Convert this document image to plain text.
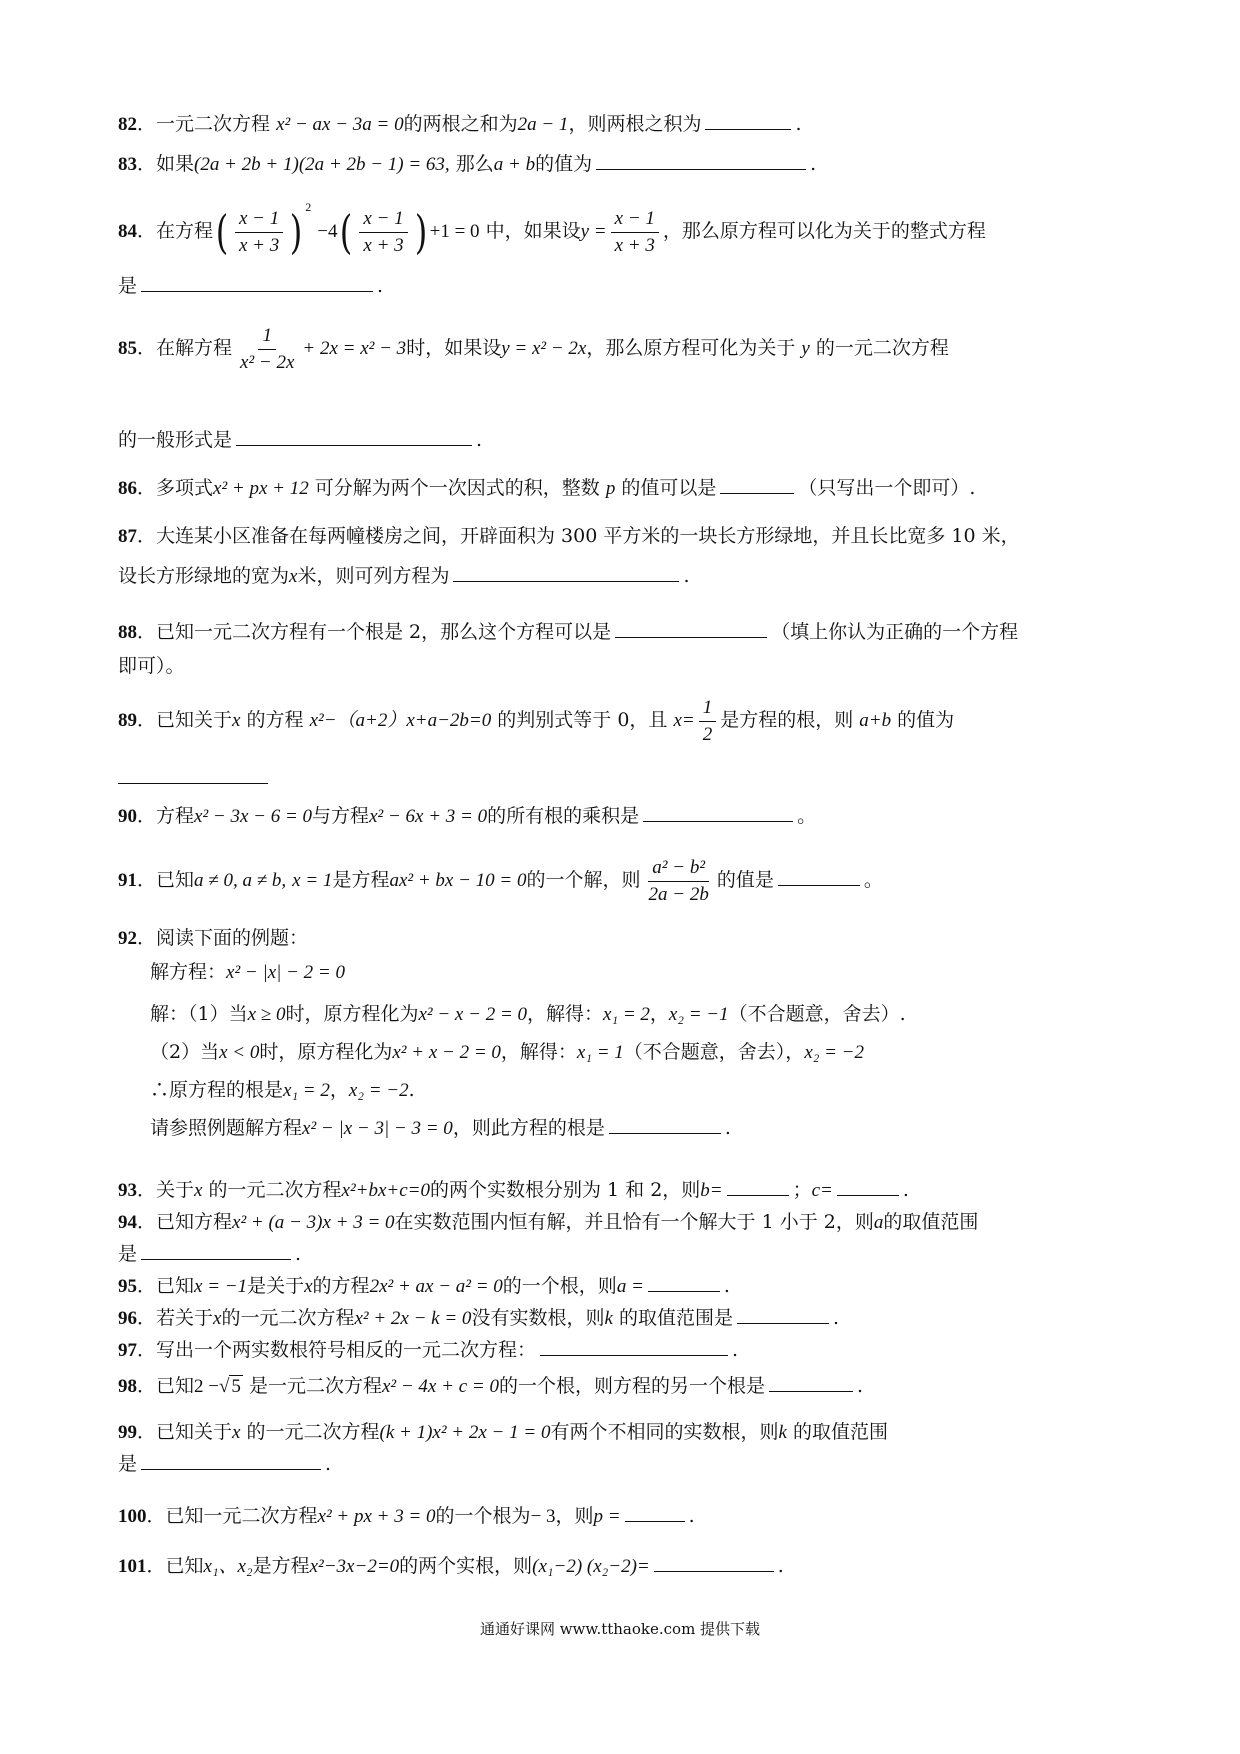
82．一元二次方程 x² − ax − 3a = 0的两根之和为2a − 1，则两根之积为	.
83．如果(2a + 2b + 1)(2a + 2b − 1) = 63, 那么a + b的值为	.
84．在方程( $\frac{x - 1}{x + 3}$ ) $^2 -4( \frac{x - 1}{x + 3}$ ) +1 = 0 中，如果设$y = \frac{x - 1}{x + 3}$ ，那么原方程可以化为关于的整式方程
是	.
85．在解方程 $\frac{1}{\text{x² − 2x}} + 2x = x^2 - 3$时，如果设y = x² − 2x，那么原方程可化为关于 y 的一元二次方程
的一般形式是	.
86．多项式x² + px + 12 可分解为两个一次因式的积，整数 p 的值可以是	（只写出一个即可）.
87．大连某小区准备在每两幢楼房之间，开辟面积为 300 平方米的一块长方形绿地，并且长比宽多 10 米，
设长方形绿地的宽为x米，则可列方程为	.
88．已知一元二次方程有一个根是 2，那么这个方程可以是	（填上你认为正确的一个方程
即可）。
89．已知关于x 的方程 x²−（a+2）x+a−2b=0 的判别式等于 0，且 $x= \frac{1}{2}$ 是方程的根，则 a+b 的值为
90．方程x² − 3x − 6 = 0与方程x² − 6x + 3 = 0的所有根的乘积是	。
91．已知a ≠ 0, a ≠ b, x = 1是方程ax² + bx − 10 = 0的一个解，则 $\frac{\text{a² − b²}}{2a - 2b}$ 的值是	。
92．阅读下面的例题：
解方程：x² − |x| − 2 = 0
解：（1）当x ≥ 0时，原方程化为x² − x − 2 = 0，解得：x₁ = 2，x₂ = −1（不合题意，舍去）.
（2）当x < 0时，原方程化为x² + x − 2 = 0，解得：x₁ = 1（不合题意，舍去），x₂ = −2
∴原方程的根是x₁ = 2，x₂ = −2.
请参照例题解方程x² − |x − 3| − 3 = 0，则此方程的根是	.
93．关于x 的一元二次方程x²+bx+c=0的两个实数根分别为 1 和 2，则b=	；c=	.
94．已知方程x² + (a − 3)x + 3 = 0在实数范围内恒有解，并且恰有一个解大于 1 小于 2，则a的取值范围
是	.
95．已知x = −1是关于x的方程2x² + ax − a² = 0的一个根，则a =	.
96．若关于x的一元二次方程x² + 2x − k = 0没有实数根，则k 的取值范围是	.
97．写出一个两实数根符号相反的一元二次方程：	.
98．已知2 −√ 5 是一元二次方程x² − 4x + c = 0的一个根，则方程的另一个根是	.
99．已知关于x 的一元二次方程(k + 1)x² + 2x − 1 = 0有两个不相同的实数根，则k 的取值范围
是	.
100．已知一元二次方程x² + px + 3 = 0的一个根为− 3，则p =	.
101．已知x₁、x₂是方程x²−3x−2=0的两个实根，则(x₁−2) (x₂−2)=	.
通通好课网 www.tthaoke.com 提供下载
